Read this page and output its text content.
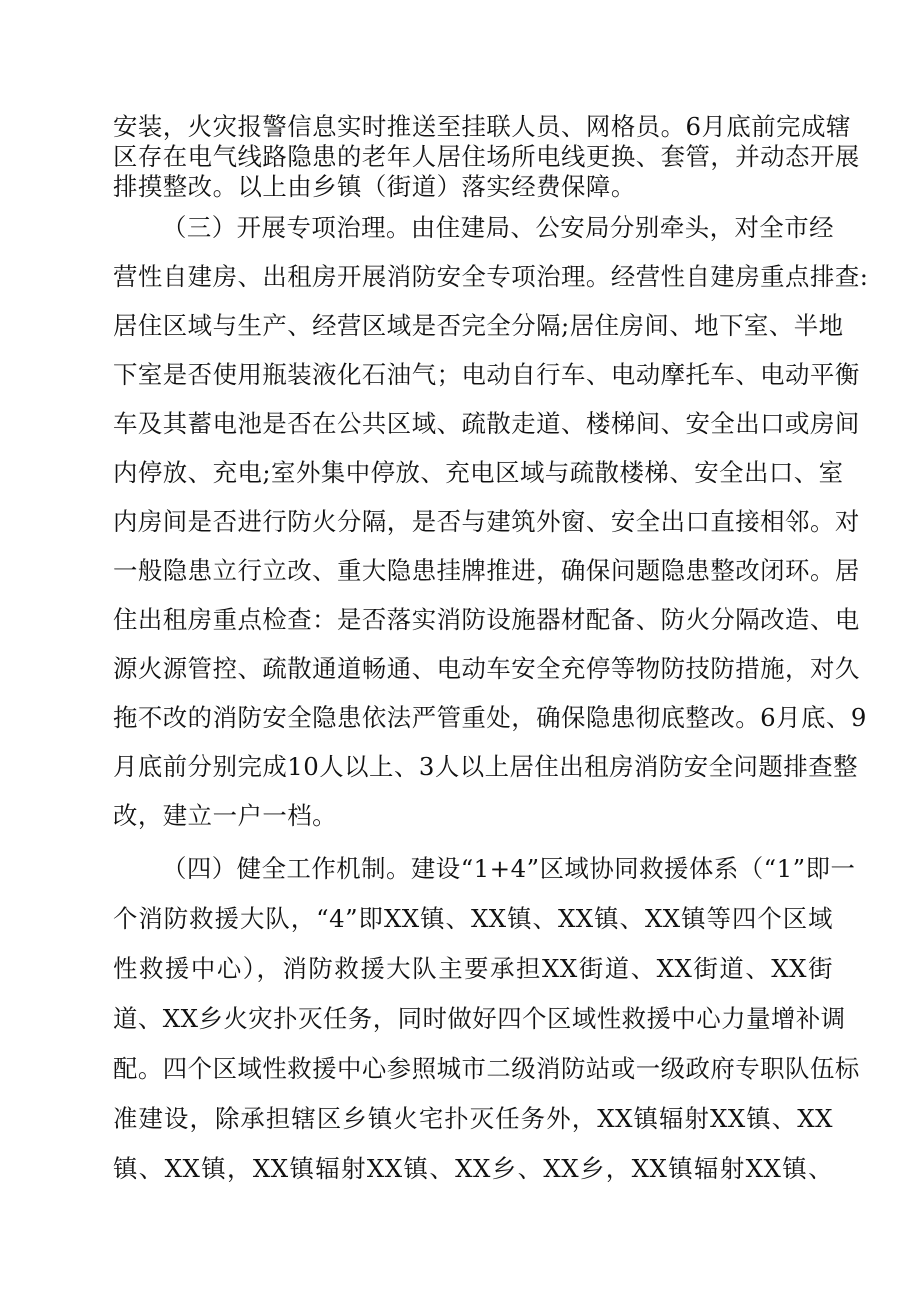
安装，火灾报警信息实时推送至挂联人员、网格员。6月底前完成辖
区存在电气线路隐患的老年人居住场所电线更换、套管，并动态开展
排摸整改。以上由乡镇（街道）落实经费保障。
（三）开展专项治理。由住建局、公安局分别牵头，对全市经
营性自建房、出租房开展消防安全专项治理。经营性自建房重点排查:
居住区域与生产、经营区域是否完全分隔;居住房间、地下室、半地
下室是否使用瓶装液化石油气；电动自行车、电动摩托车、电动平衡
车及其蓄电池是否在公共区域、疏散走道、楼梯间、安全出口或房间
内停放、充电;室外集中停放、充电区域与疏散楼梯、安全出口、室
内房间是否进行防火分隔，是否与建筑外窗、安全出口直接相邻。对
一般隐患立行立改、重大隐患挂牌推进，确保问题隐患整改闭环。居
住出租房重点检查：是否落实消防设施器材配备、防火分隔改造、电
源火源管控、疏散通道畅通、电动车安全充停等物防技防措施，对久
拖不改的消防安全隐患依法严管重处，确保隐患彻底整改。6月底、9
月底前分别完成10人以上、3人以上居住出租房消防安全问题排查整
改，建立一户一档。
（四）健全工作机制。建设“1+4”区域协同救援体系（“1”即一
个消防救援大队，“4”即XX镇、XX镇、XX镇、XX镇等四个区域
性救援中心），消防救援大队主要承担XX街道、XX街道、XX街
道、XX乡火灾扑灭任务，同时做好四个区域性救援中心力量增补调
配。四个区域性救援中心参照城市二级消防站或一级政府专职队伍标
准建设，除承担辖区乡镇火宅扑灭任务外，XX镇辐射XX镇、XX
镇、XX镇，XX镇辐射XX镇、XX乡、XX乡，XX镇辐射XX镇、
